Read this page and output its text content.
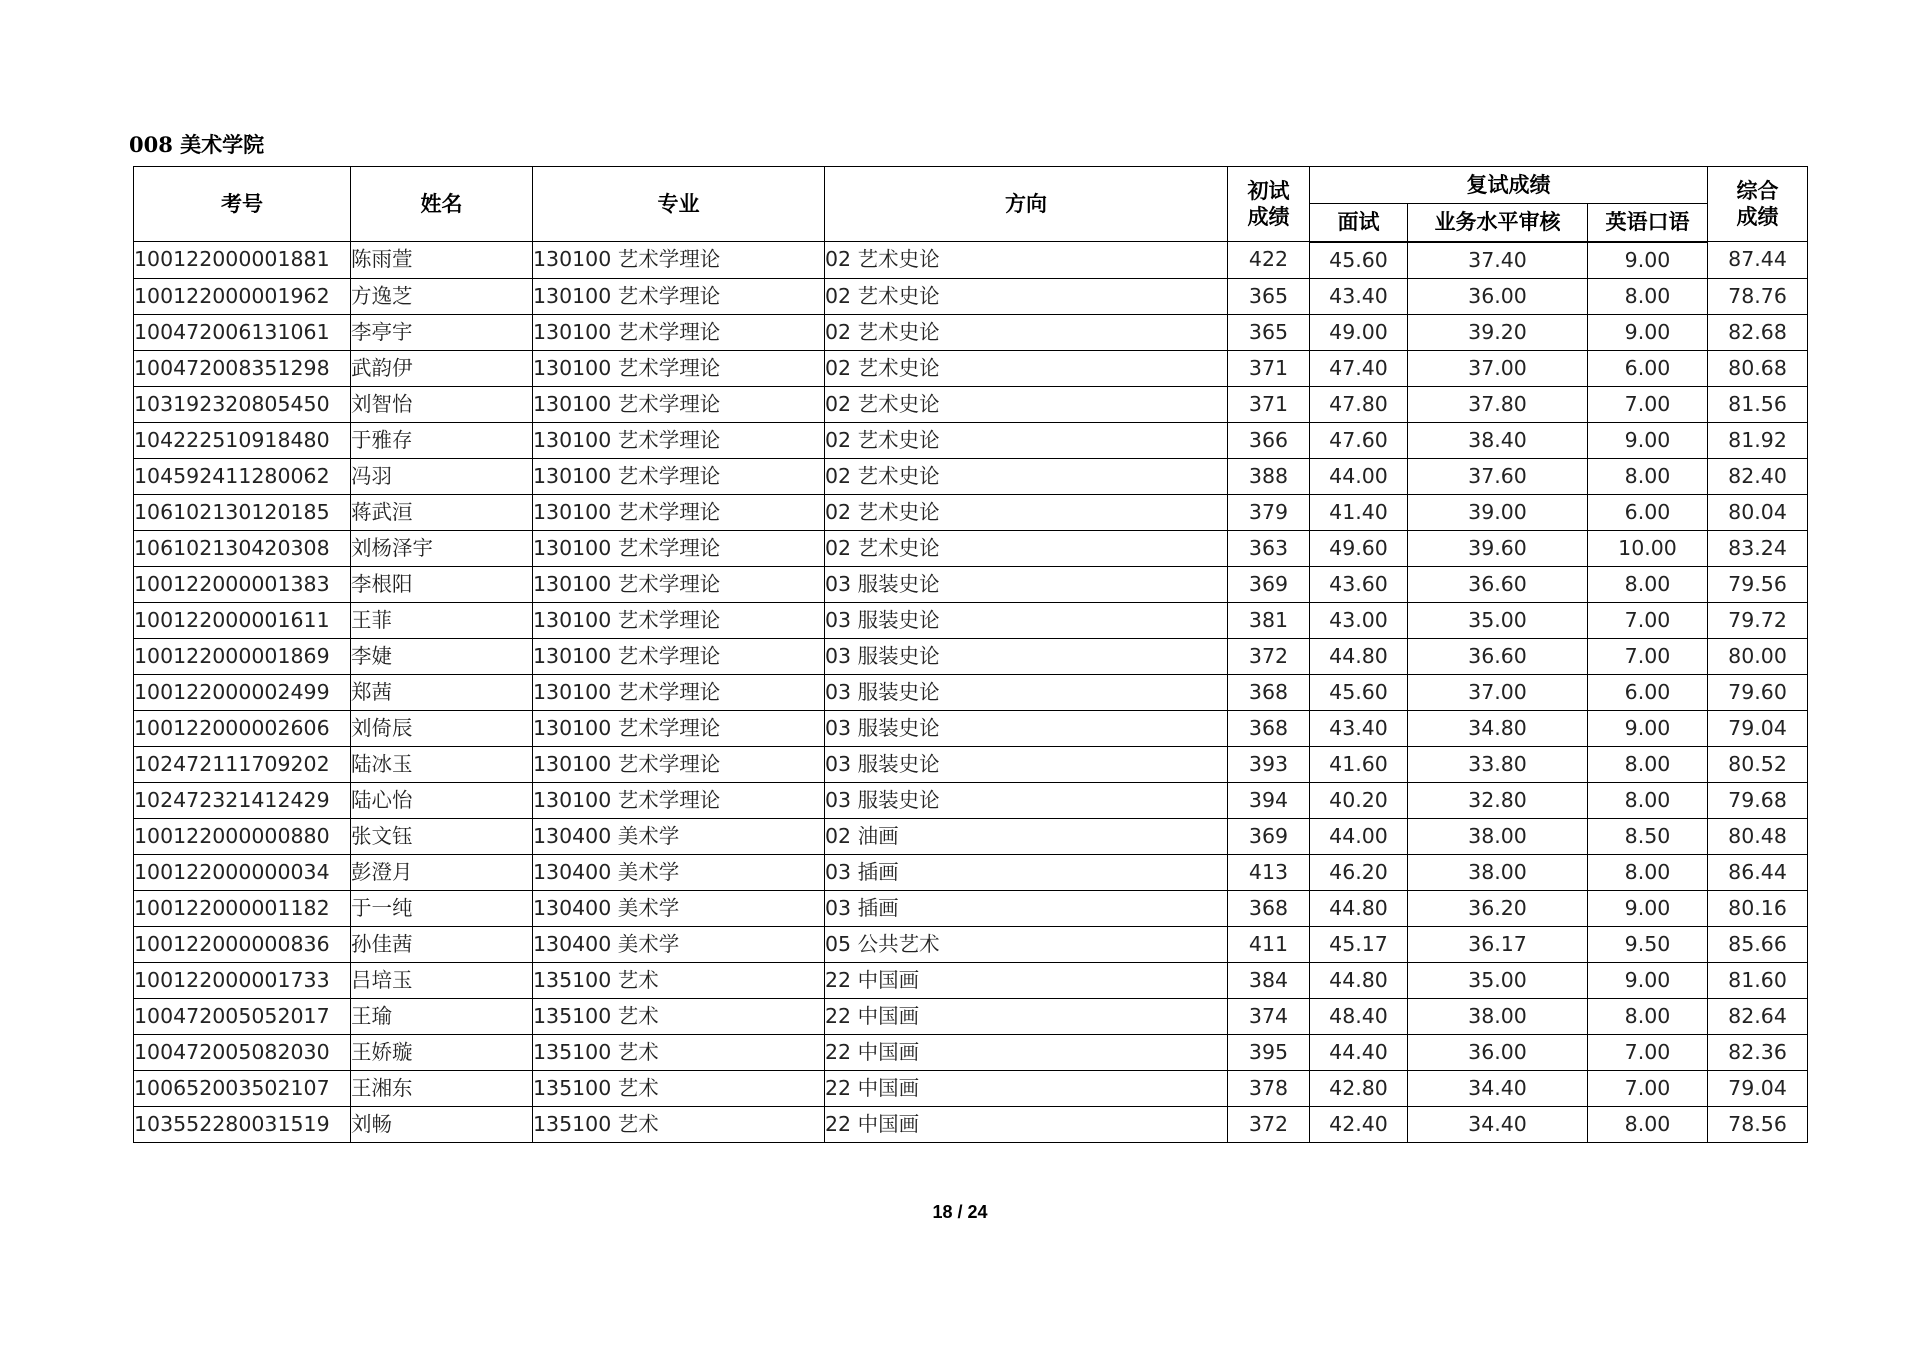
008 美术学院
考号	姓名	专业	方向	初试
成绩	复试成绩			综合
成绩

					面试	业务水平审核	英语口语	
100122000001881	陈雨萱	130100 艺术学理论	02 艺术史论	422	45.60	37.40	9.00	87.44
100122000001962	方逸芝	130100 艺术学理论	02 艺术史论	365	43.40	36.00	8.00	78.76
100472006131061	李亭宇	130100 艺术学理论	02 艺术史论	365	49.00	39.20	9.00	82.68
100472008351298	武韵伊	130100 艺术学理论	02 艺术史论	371	47.40	37.00	6.00	80.68
103192320805450	刘智怡	130100 艺术学理论	02 艺术史论	371	47.80	37.80	7.00	81.56
104222510918480	于雅存	130100 艺术学理论	02 艺术史论	366	47.60	38.40	9.00	81.92
104592411280062	冯羽	130100 艺术学理论	02 艺术史论	388	44.00	37.60	8.00	82.40
106102130120185	蒋武洹	130100 艺术学理论	02 艺术史论	379	41.40	39.00	6.00	80.04
106102130420308	刘杨泽宇	130100 艺术学理论	02 艺术史论	363	49.60	39.60	10.00	83.24
100122000001383	李根阳	130100 艺术学理论	03 服装史论	369	43.60	36.60	8.00	79.56
100122000001611	王菲	130100 艺术学理论	03 服装史论	381	43.00	35.00	7.00	79.72
100122000001869	李婕	130100 艺术学理论	03 服装史论	372	44.80	36.60	7.00	80.00
100122000002499	郑茜	130100 艺术学理论	03 服装史论	368	45.60	37.00	6.00	79.60
100122000002606	刘倚辰	130100 艺术学理论	03 服装史论	368	43.40	34.80	9.00	79.04
102472111709202	陆冰玉	130100 艺术学理论	03 服装史论	393	41.60	33.80	8.00	80.52
102472321412429	陆心怡	130100 艺术学理论	03 服装史论	394	40.20	32.80	8.00	79.68
100122000000880	张文钰	130400 美术学	02 油画	369	44.00	38.00	8.50	80.48
100122000000034	彭澄月	130400 美术学	03 插画	413	46.20	38.00	8.00	86.44
100122000001182	于一纯	130400 美术学	03 插画	368	44.80	36.20	9.00	80.16
100122000000836	孙佳茜	130400 美术学	05 公共艺术	411	45.17	36.17	9.50	85.66
100122000001733	吕培玉	135100 艺术	22 中国画	384	44.80	35.00	9.00	81.60
100472005052017	王瑜	135100 艺术	22 中国画	374	48.40	38.00	8.00	82.64
100472005082030	王娇璇	135100 艺术	22 中国画	395	44.40	36.00	7.00	82.36
100652003502107	王湘东	135100 艺术	22 中国画	378	42.80	34.40	7.00	79.04
103552280031519	刘畅	135100 艺术	22 中国画	372	42.40	34.40	8.00	78.56
18 / 24
